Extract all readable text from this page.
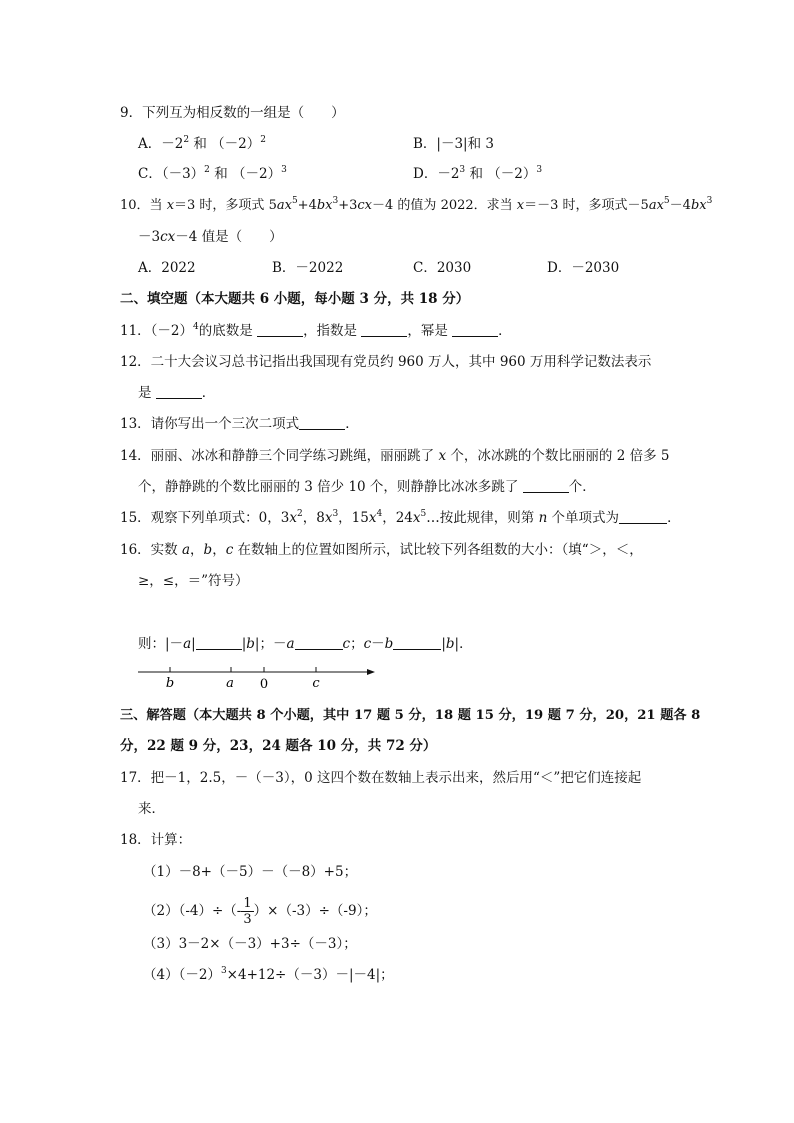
9．下列互为相反数的一组是（　　）
A．$-2^2$ 和 $(-2)^2$	B．|－3|和 3
C．$(-3)^2$ 和 $(-2)^3$	D．$-2^3$ 和 $(-2)^3$
10．当 x＝3 时，多项式 $5ax^5+4bx^3+3cx-4$ 的值为 2022．求当 x＝－3 时，多项式$-5ax^5-4bx^3$
－3cx－4 值是（　　）
A．2022	B．－2022	C．2030	D．－2030
二、填空题（本大题共 6 小题，每小题 3 分，共 18 分）
11．$(-2)^4$的底数是	，指数是	，幂是	．
12．二十大会议习总书记指出我国现有党员约 960 万人，其中 960 万用科学记数法表示
是	．
13．请你写出一个三次二项式	．
14．丽丽、冰冰和静静三个同学练习跳绳，丽丽跳了 x 个，冰冰跳的个数比丽丽的 2 倍多 5
个，静静跳的个数比丽丽的 3 倍少 10 个，则静静比冰冰多跳了	个．
15．观察下列单项式：0，$3x^2$，$8x^3$，$15x^4$，$24x^5\dots$按此规律，则第 n 个单项式为	．
16．实数 a，b，c 在数轴上的位置如图所示，试比较下列各组数的大小：（填“＞，＜，
≥，≤，＝”符号）
则：|－a|	|b|；－a	c；c－b	|b|．
b	a 0	c
三、解答题（本大题共 8 个小题，其中 17 题 5 分，18 题 15 分，19 题 7 分，20，21 题各 8
分，22 题 9 分，23，24 题各 10 分，共 72 分）
17．把－1，2.5，－（－3），0 这四个数在数轴上表示出来，然后用“＜”把它们连接起
来．
18．计算：
（1）－8+（－5）－（－8）+5；
$(2)(-4)\div(- \frac{1}{3} )\times(-3)\div(-9)$；
（3）3－2×（－3）+3÷（－3）；
$(4)(-2)^3\times 4+12\div(-3)-|-4|$；
